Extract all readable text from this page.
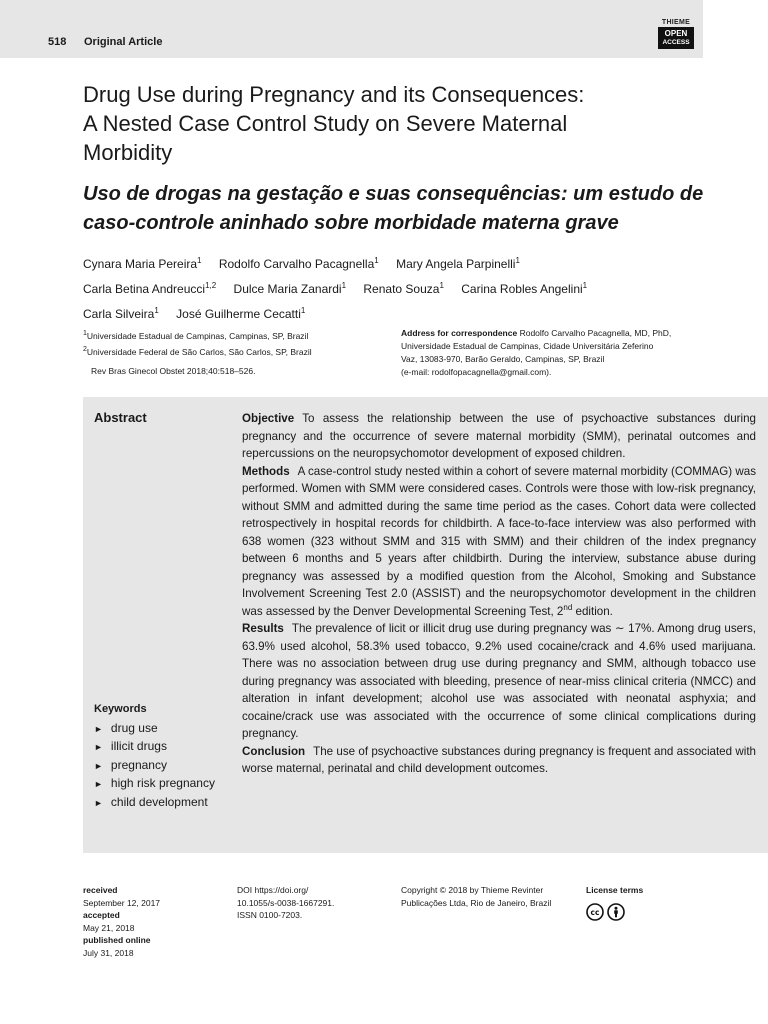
518 Original Article
THIEME
OPEN
ACCESS
Drug Use during Pregnancy and its Consequences:
A Nested Case Control Study on Severe Maternal
Morbidity
Uso de drogas na gestação e suas consequências: um estudo de
caso-controle aninhado sobre morbidade materna grave
Cynara Maria Pereira$^1$ Rodolfo Carvalho Pacagnella$^1$ Mary Angela Parpinelli$^1$
Carla Betina Andreucci$^{1,2}$ Dulce Maria Zanardi$^1$ Renato Souza$^1$ Carina Robles Angelini$^1$
Carla Silveira$^1$ José Guilherme Cecatti$^1$
$^1$Universidade Estadual de Campinas, Campinas, SP, Brazil
$^2$Universidade Federal de São Carlos, São Carlos, SP, Brazil
Rev Bras Ginecol Obstet 2018;40:518–526.
Address for correspondence Rodolfo Carvalho Pacagnella, MD, PhD,
Universidade Estadual de Campinas, Cidade Universitária Zeferino
Vaz, 13083-970, Barão Geraldo, Campinas, SP, Brazil
(e-mail: rodolfopacagnella@gmail.com).
Abstract
Keywords
► drug use
► illicit drugs
► pregnancy
► high risk pregnancy
► child development

Objective To assess the relationship between the use of psychoactive substances during pregnancy and the occurrence of severe maternal morbidity (SMM), perinatal outcomes and repercussions on the neuropsychomotor development of exposed children.

Methods A case-control study nested within a cohort of severe maternal morbidity (COMMAG) was performed. Women with SMM were considered cases. Controls were those with low-risk pregnancy, without SMM and admitted during the same time period as the cases. Cohort data were collected retrospectively in hospital records for childbirth. A face-to-face interview was also performed with 638 women (323 without SMM and 315 with SMM) and their children of the index pregnancy between 6 months and 5 years after childbirth. During the interview, substance abuse during pregnancy was assessed by a modified question from the Alcohol, Smoking and Substance Involvement Screening Test 2.0 (ASSIST) and the neuropsychomotor development in the children was assessed by the Denver Developmental Screening Test, 2nd edition.

Results The prevalence of licit or illicit drug use during pregnancy was ∼ 17%. Among drug users, 63.9% used alcohol, 58.3% used tobacco, 9.2% used cocaine/crack and 4.6% used marijuana. There was no association between drug use during pregnancy and SMM, although tobacco use during pregnancy was associated with bleeding, presence of near-miss clinical criteria (NMCC) and alteration in infant development; alcohol use was associated with neonatal asphyxia; and cocaine/crack use was associated with the occurrence of some clinical complications during pregnancy.

Conclusion The use of psychoactive substances during pregnancy is frequent and associated with worse maternal, perinatal and child development outcomes.

received
September 12, 2017
accepted
May 21, 2018
published online
July 31, 2018
DOI https://doi.org/
10.1055/s-0038-1667291.
ISSN 0100-7203.
Copyright © 2018 by Thieme Revinter
Publicações Ltda, Rio de Janeiro, Brazil
License terms
cc
